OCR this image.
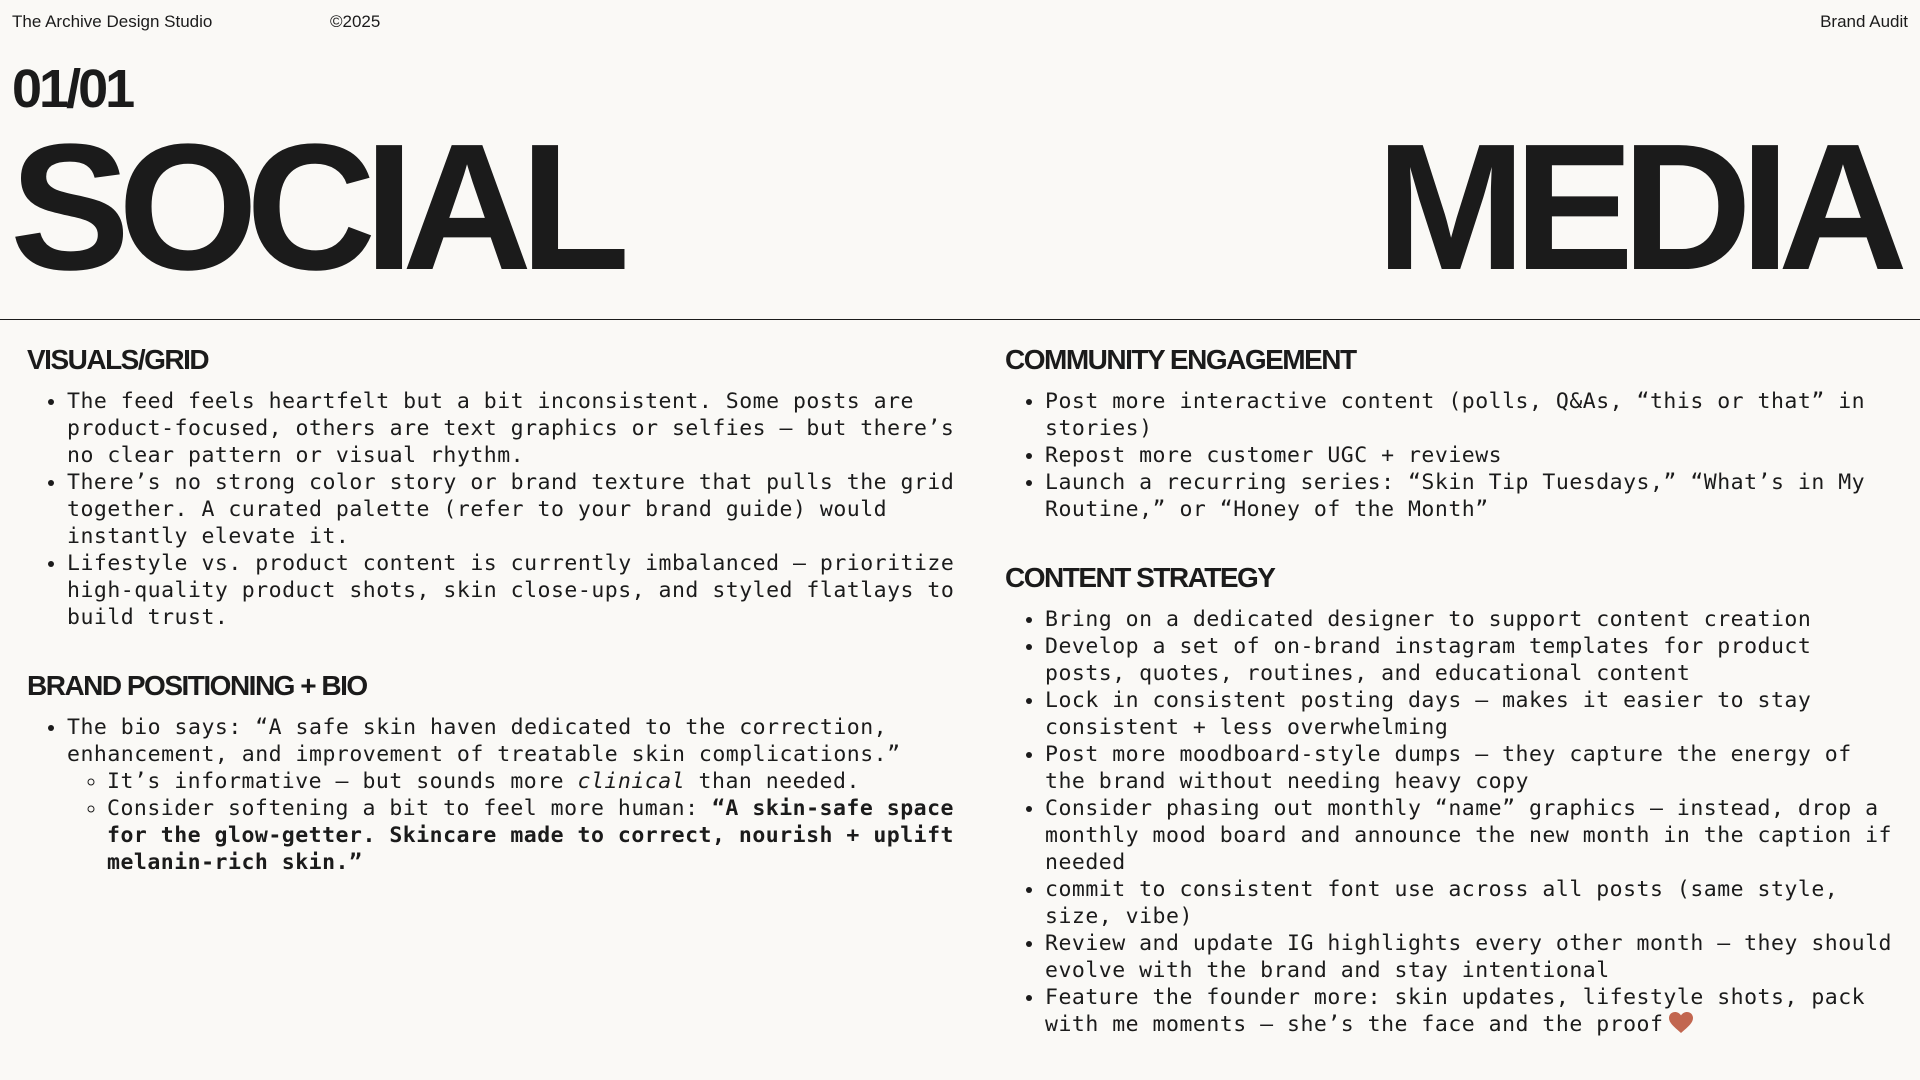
The Archive Design Studio	©2025	Brand Audit
01/01
SOCIAL	MEDIA
VISUALS/GRID
• The feed feels heartfelt but a bit inconsistent. Some posts are product-focused, others are text graphics or selfies – but there’s no clear pattern or visual rhythm.
• There’s no strong color story or brand texture that pulls the grid together. A curated palette (refer to your brand guide) would instantly elevate it.
• Lifestyle vs. product content is currently imbalanced – prioritize high-quality product shots, skin close-ups, and styled flatlays to build trust.
BRAND POSITIONING + BIO
• The bio says: “A safe skin haven dedicated to the correction, enhancement, and improvement of treatable skin complications.”
◦ It’s informative – but sounds more clinical than needed.
◦ Consider softening a bit to feel more human: “A skin-safe space for the glow-getter. Skincare made to correct, nourish + uplift melanin-rich skin.”
COMMUNITY ENGAGEMENT
• Post more interactive content (polls, Q&As, “this or that” in stories)
• Repost more customer UGC + reviews
• Launch a recurring series: “Skin Tip Tuesdays,” “What’s in My Routine,” or “Honey of the Month”
CONTENT STRATEGY
• Bring on a dedicated designer to support content creation
• Develop a set of on-brand instagram templates for product posts, quotes, routines, and educational content
• Lock in consistent posting days – makes it easier to stay consistent + less overwhelming
• Post more moodboard-style dumps – they capture the energy of the brand without needing heavy copy
• Consider phasing out monthly “name” graphics – instead, drop a monthly mood board and announce the new month in the caption if needed
• commit to consistent font use across all posts (same style, size, vibe)
• Review and update IG highlights every other month – they should evolve with the brand and stay intentional
• Feature the founder more: skin updates, lifestyle shots, pack with me moments – she’s the face and the proof
